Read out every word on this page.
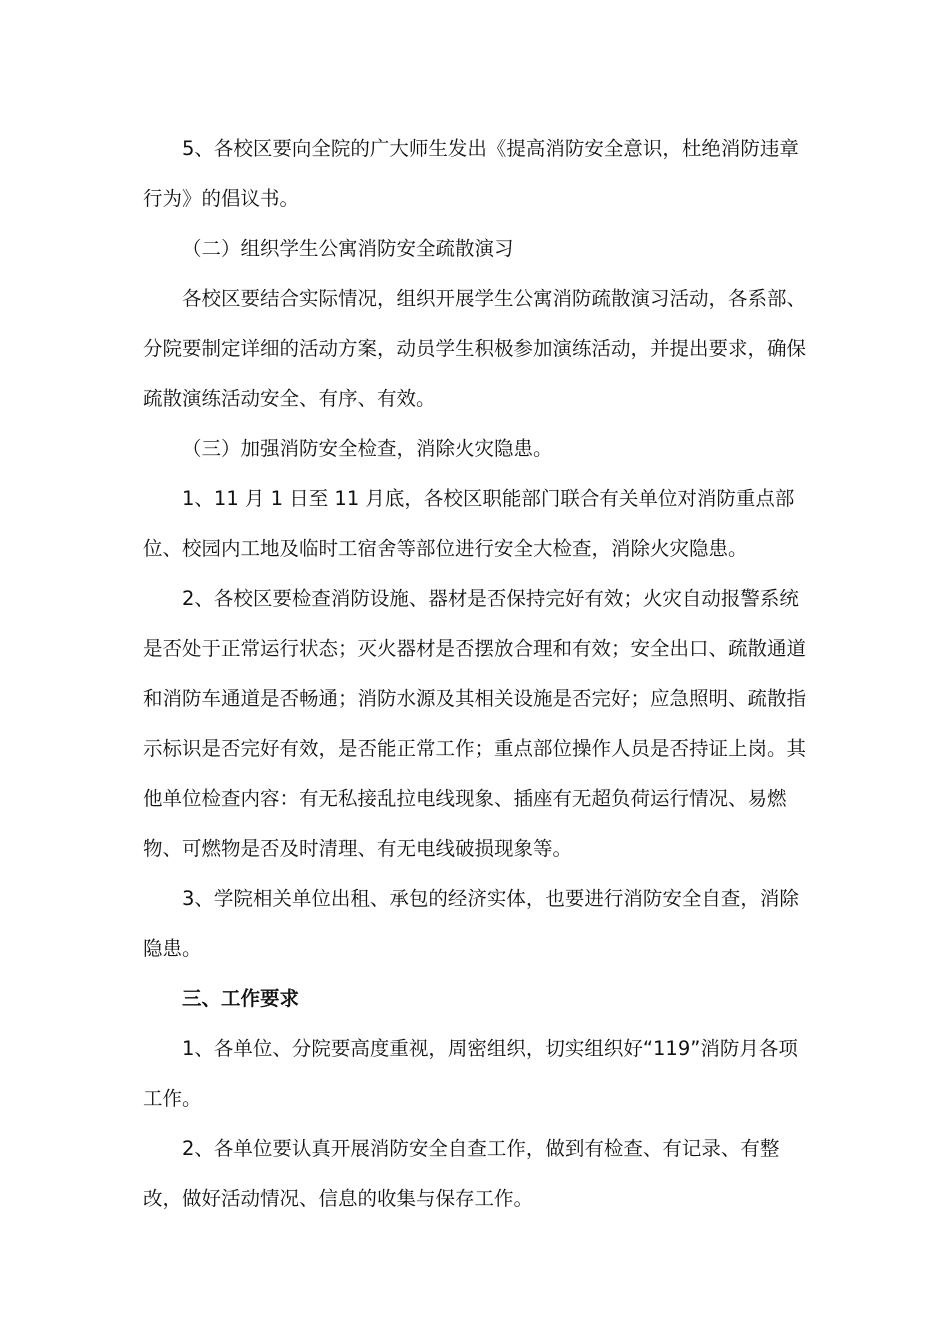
5、各校区要向全院的广大师生发出《提高消防安全意识，杜绝消防违章行为》的倡议书。

（二）组织学生公寓消防安全疏散演习

各校区要结合实际情况，组织开展学生公寓消防疏散演习活动，各系部、分院要制定详细的活动方案，动员学生积极参加演练活动，并提出要求，确保疏散演练活动安全、有序、有效。

（三）加强消防安全检查，消除火灾隐患。

1、11 月 1 日至 11 月底，各校区职能部门联合有关单位对消防重点部位、校园内工地及临时工宿舍等部位进行安全大检查，消除火灾隐患。

2、各校区要检查消防设施、器材是否保持完好有效；火灾自动报警系统是否处于正常运行状态；灭火器材是否摆放合理和有效；安全出口、疏散通道和消防车通道是否畅通；消防水源及其相关设施是否完好；应急照明、疏散指示标识是否完好有效，是否能正常工作；重点部位操作人员是否持证上岗。其他单位检查内容：有无私接乱拉电线现象、插座有无超负荷运行情况、易燃物、可燃物是否及时清理、有无电线破损现象等。

3、学院相关单位出租、承包的经济实体，也要进行消防安全自查，消除隐患。

三、工作要求

1、各单位、分院要高度重视，周密组织，切实组织好“119”消防月各项工作。

2、各单位要认真开展消防安全自查工作，做到有检查、有记录、有整改，做好活动情况、信息的收集与保存工作。
